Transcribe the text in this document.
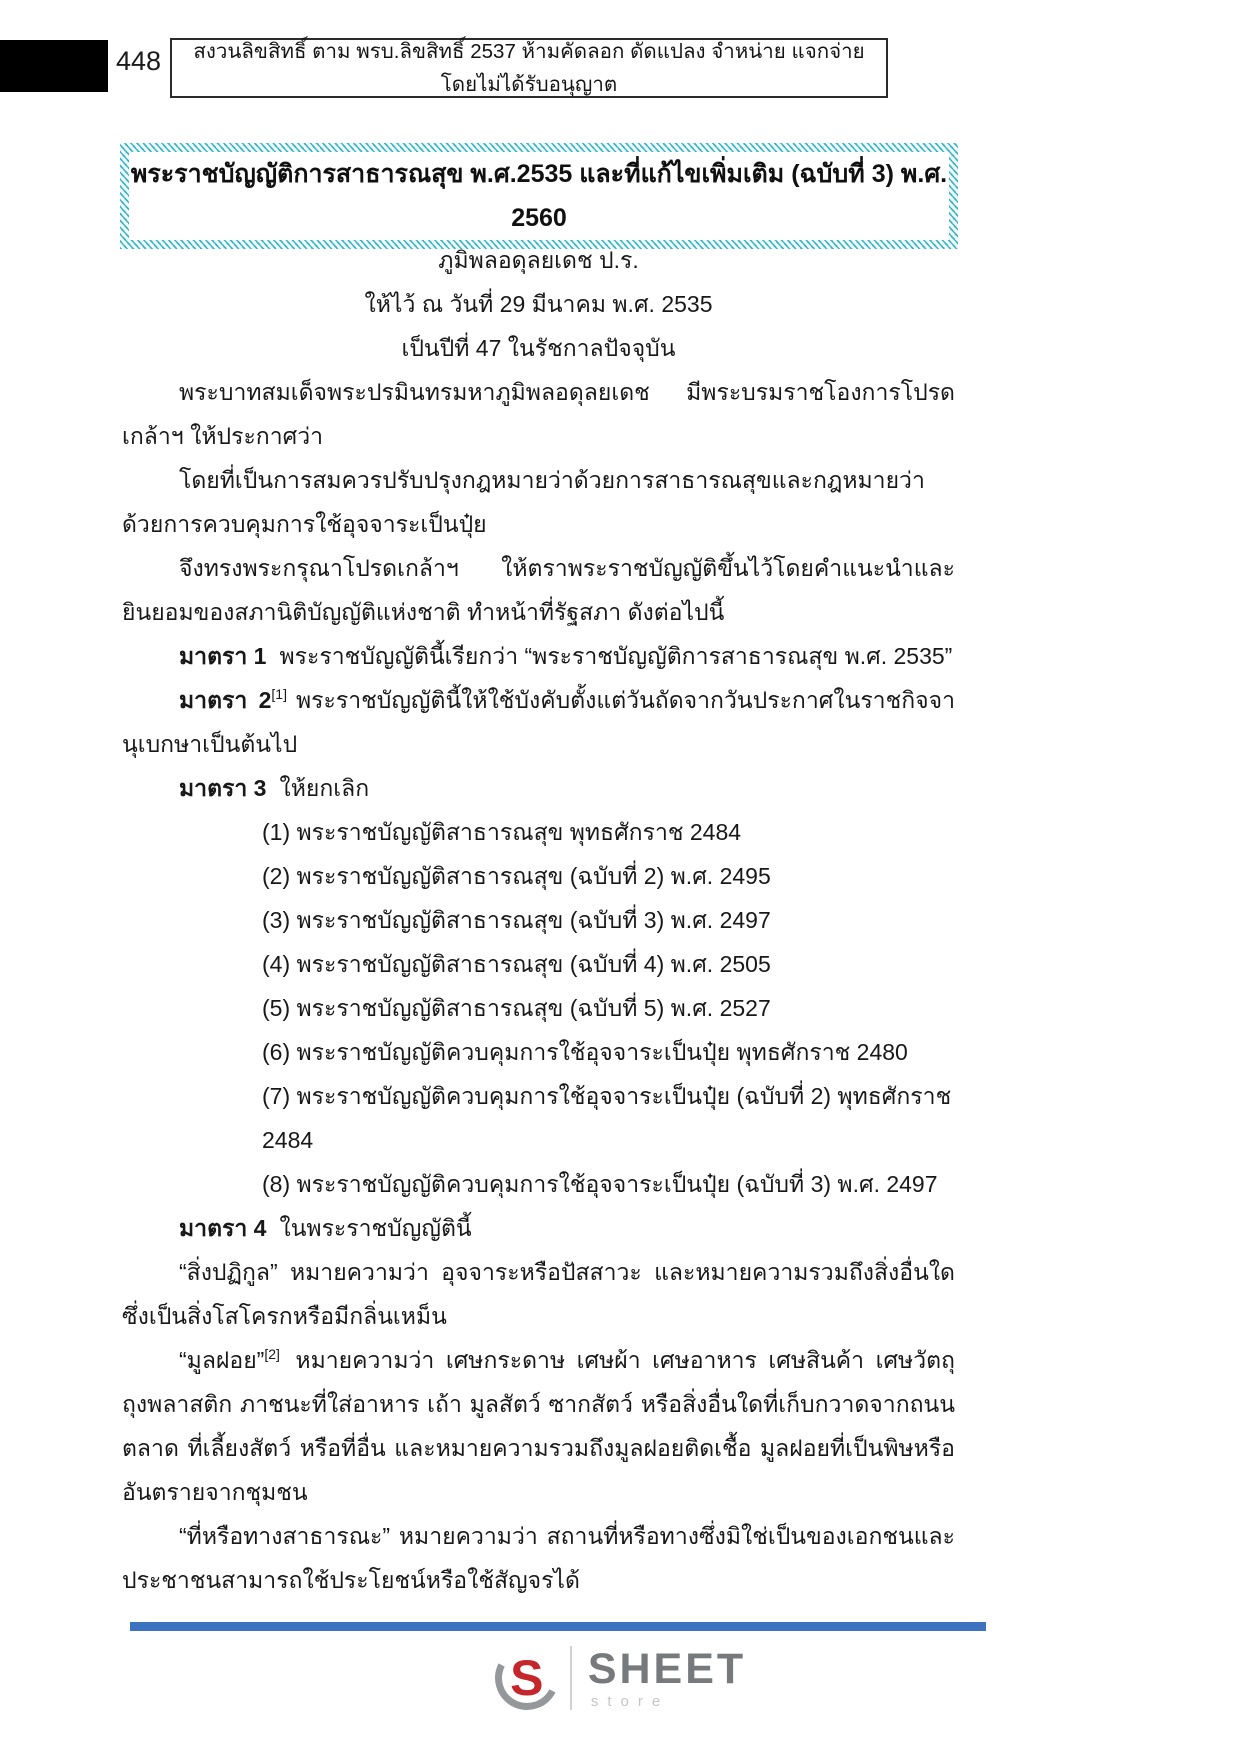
448	สงวนลิขสิทธิ์ ตาม พรบ.ลิขสิทธิ์ 2537 ห้ามคัดลอก ดัดแปลง จำหน่าย แจกจ่าย โดยไม่ได้รับอนุญาต
พระราชบัญญัติการสาธารณสุข พ.ศ.2535 และที่แก้ไขเพิ่มเติม (ฉบับที่ 3) พ.ศ. 2560
ภูมิพลอดุลยเดช ป.ร.
ให้ไว้ ณ วันที่ 29 มีนาคม พ.ศ. 2535
เป็นปีที่ 47 ในรัชกาลปัจจุบัน

พระบาทสมเด็จพระปรมินทรมหาภูมิพลอดุลยเดช มีพระบรมราชโองการโปรดเกล้าฯ ให้ประกาศว่า

โดยที่เป็นการสมควรปรับปรุงกฎหมายว่าด้วยการสาธารณสุขและกฎหมายว่าด้วยการควบคุมการใช้อุจจาระเป็นปุ๋ย

จึงทรงพระกรุณาโปรดเกล้าฯ ให้ตราพระราชบัญญัติขึ้นไว้โดยคำแนะนำและยินยอมของสภานิติบัญญัติแห่งชาติ ทำหน้าที่รัฐสภา ดังต่อไปนี้

มาตรา 1 พระราชบัญญัตินี้เรียกว่า “พระราชบัญญัติการสาธารณสุข พ.ศ. 2535”

มาตรา 2[1] พระราชบัญญัตินี้ให้ใช้บังคับตั้งแต่วันถัดจากวันประกาศในราชกิจจานุเบกษาเป็นต้นไป

มาตรา 3 ให้ยกเลิก

(1) พระราชบัญญัติสาธารณสุข พุทธศักราช 2484
(2) พระราชบัญญัติสาธารณสุข (ฉบับที่ 2) พ.ศ. 2495
(3) พระราชบัญญัติสาธารณสุข (ฉบับที่ 3) พ.ศ. 2497
(4) พระราชบัญญัติสาธารณสุข (ฉบับที่ 4) พ.ศ. 2505
(5) พระราชบัญญัติสาธารณสุข (ฉบับที่ 5) พ.ศ. 2527
(6) พระราชบัญญัติควบคุมการใช้อุจจาระเป็นปุ๋ย พุทธศักราช 2480
(7) พระราชบัญญัติควบคุมการใช้อุจจาระเป็นปุ๋ย (ฉบับที่ 2) พุทธศักราช 2484
(8) พระราชบัญญัติควบคุมการใช้อุจจาระเป็นปุ๋ย (ฉบับที่ 3) พ.ศ. 2497

มาตรา 4 ในพระราชบัญญัตินี้

“สิ่งปฏิกูล” หมายความว่า อุจจาระหรือปัสสาวะ และหมายความรวมถึงสิ่งอื่นใดซึ่งเป็นสิ่งโสโครกหรือมีกลิ่นเหม็น

“มูลฝอย”[2] หมายความว่า เศษกระดาษ เศษผ้า เศษอาหาร เศษสินค้า เศษวัตถุ ถุงพลาสติก ภาชนะที่ใส่อาหาร เถ้า มูลสัตว์ ซากสัตว์ หรือสิ่งอื่นใดที่เก็บกวาดจากถนน ตลาด ที่เลี้ยงสัตว์ หรือที่อื่น และหมายความรวมถึงมูลฝอยติดเชื้อ มูลฝอยที่เป็นพิษหรืออันตรายจากชุมชน

“ที่หรือทางสาธารณะ” หมายความว่า สถานที่หรือทางซึ่งมิใช่เป็นของเอกชนและประชาชนสามารถใช้ประโยชน์หรือใช้สัญจรได้

S	SHEET
store
